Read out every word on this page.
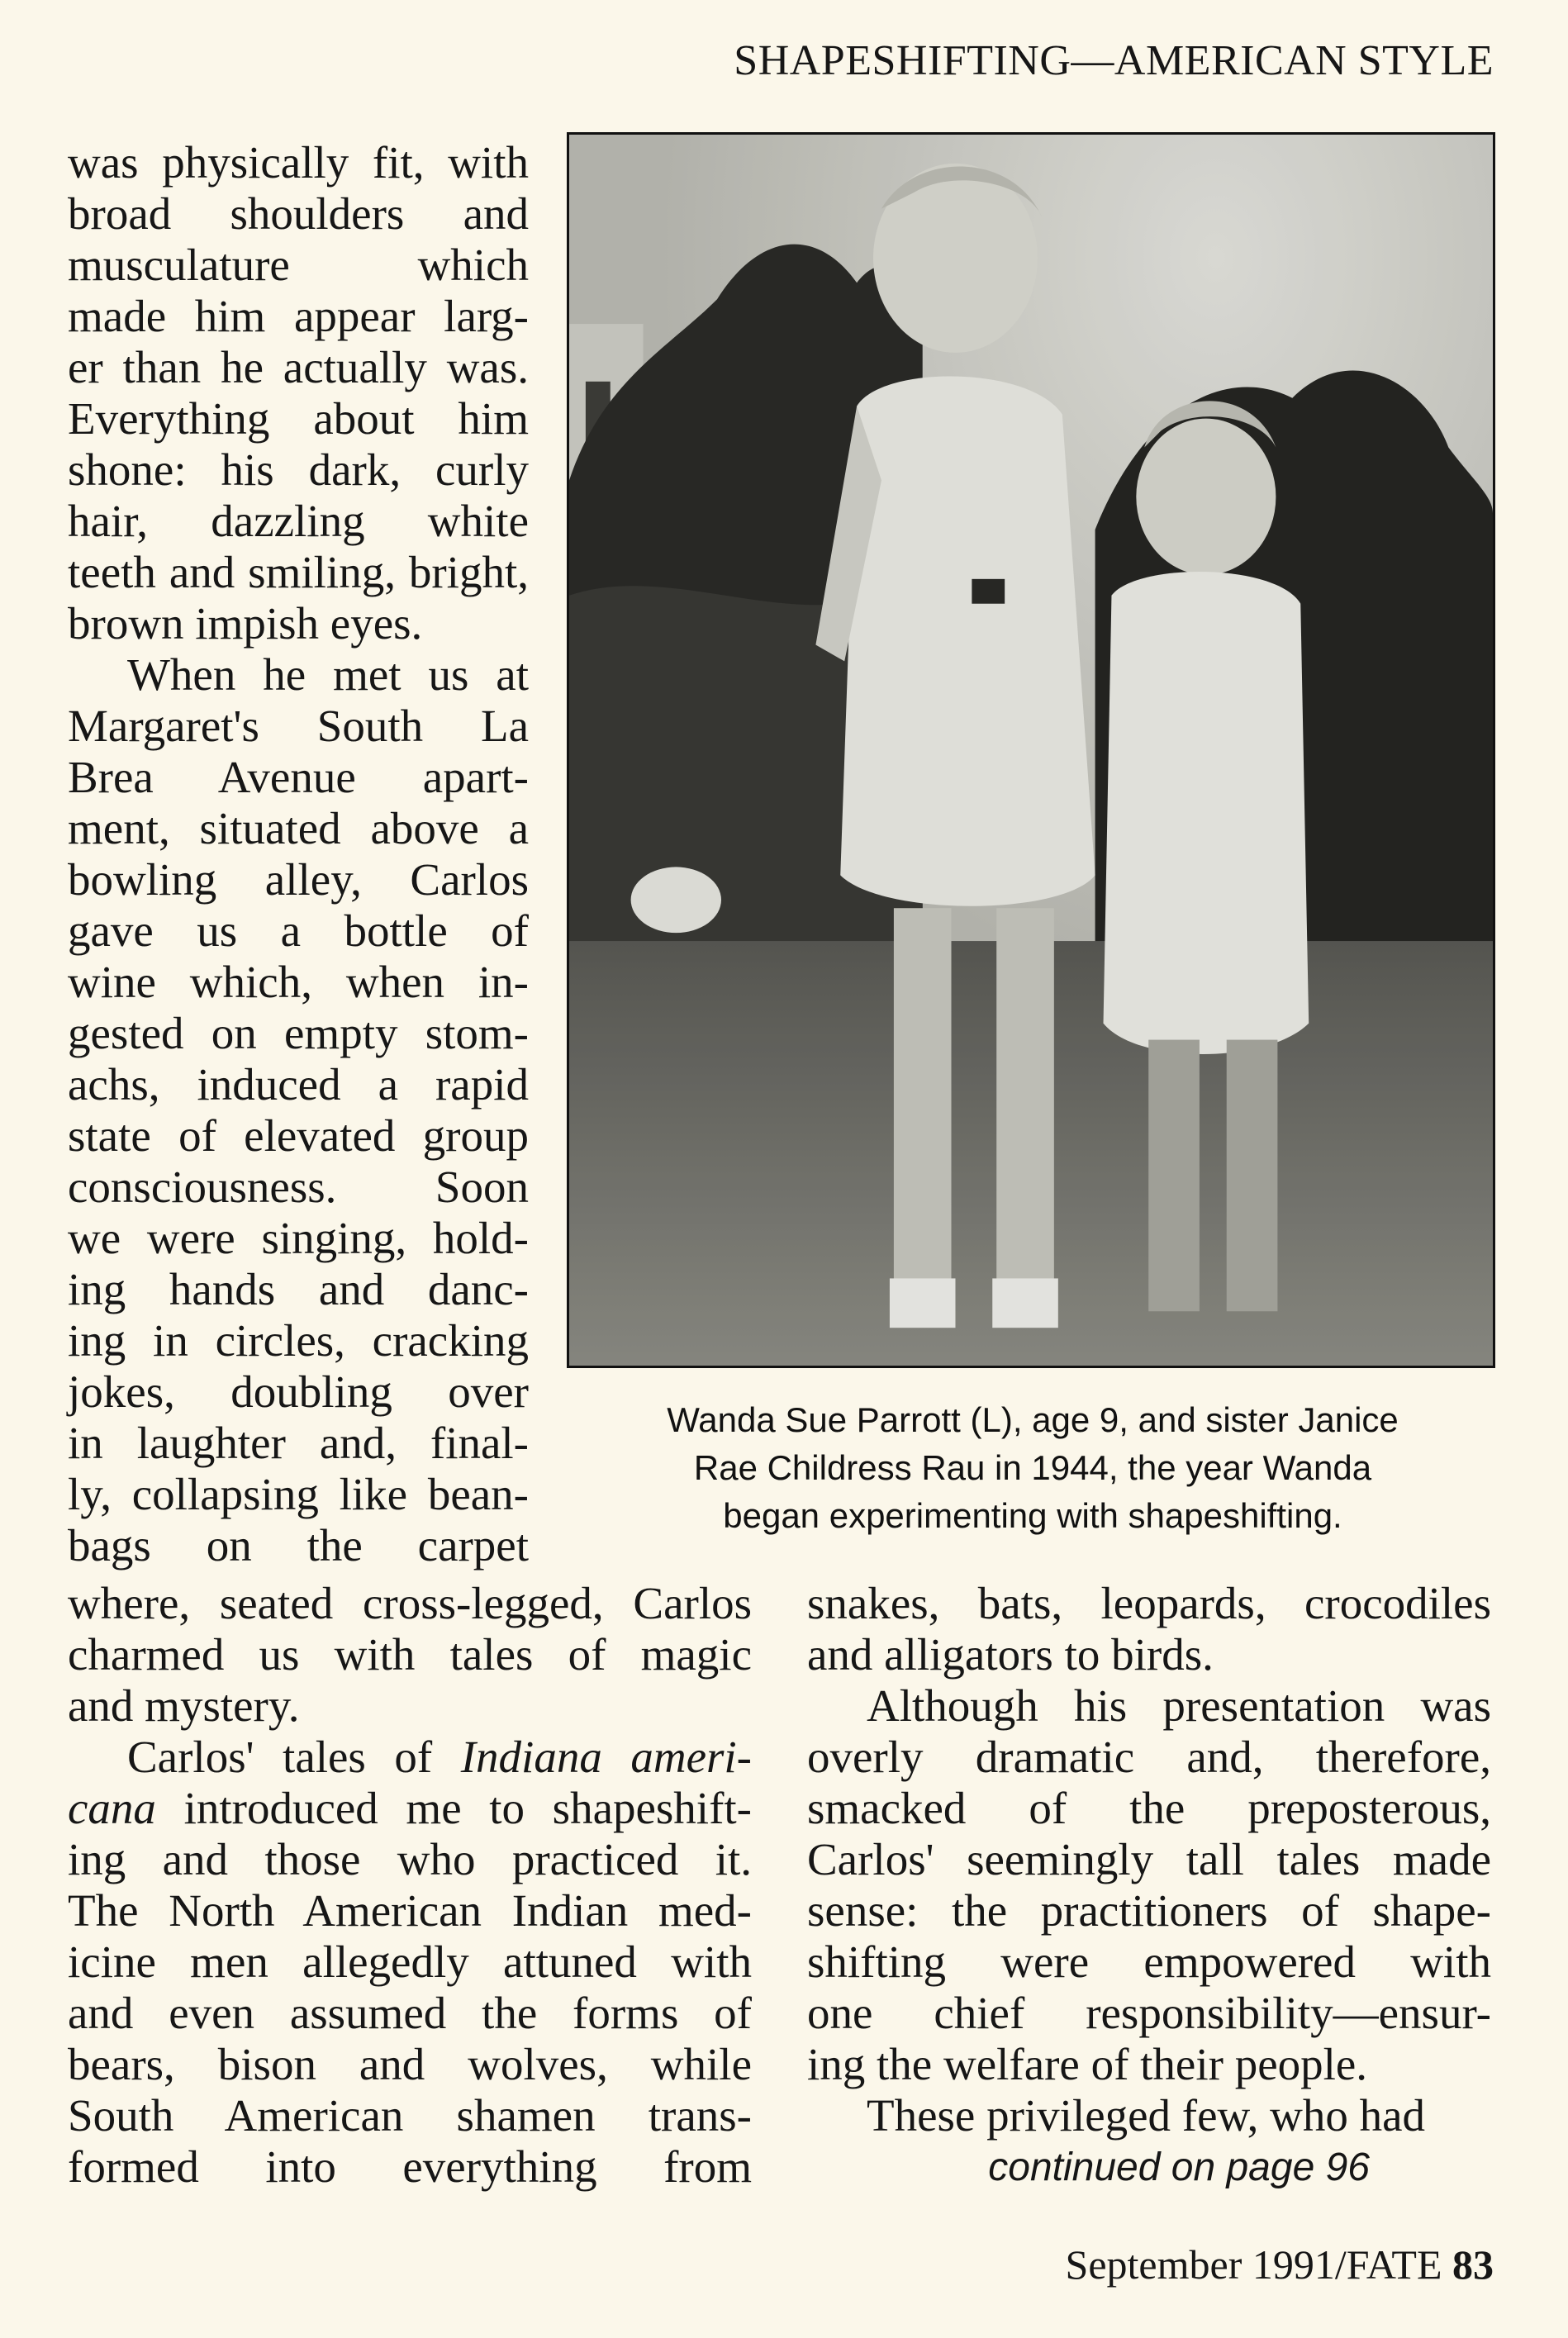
SHAPESHIFTING—AMERICAN STYLE

was physically fit, with
broad shoulders and
musculature which
made him appear larg-
er than he actually was.
Everything about him
shone: his dark, curly
hair, dazzling white
teeth and smiling, bright,
brown impish eyes.

When he met us at
Margaret's South La
Brea Avenue apart-
ment, situated above a
bowling alley, Carlos
gave us a bottle of
wine which, when in-
gested on empty stom-
achs, induced a rapid
state of elevated group
consciousness. Soon
we were singing, hold-
ing hands and danc-
ing in circles, cracking
jokes, doubling over
in laughter and, final-
ly, collapsing like bean-
bags on the carpet

Wanda Sue Parrott (L), age 9, and sister Janice
Rae Childress Rau in 1944, the year Wanda
began experimenting with shapeshifting.

where, seated cross-legged, Carlos
charmed us with tales of magic
and mystery.

Carlos' tales of Indiana ameri-
cana introduced me to shapeshift-
ing and those who practiced it.
The North American Indian med-
icine men allegedly attuned with
and even assumed the forms of
bears, bison and wolves, while
South American shamen trans-
formed into everything from

snakes, bats, leopards, crocodiles
and alligators to birds.

Although his presentation was
overly dramatic and, therefore,
smacked of the preposterous,
Carlos' seemingly tall tales made
sense: the practitioners of shape-
shifting were empowered with
one chief responsibility—ensur-
ing the welfare of their people.

These privileged few, who had

continued on page 96
September 1991/FATE 83
